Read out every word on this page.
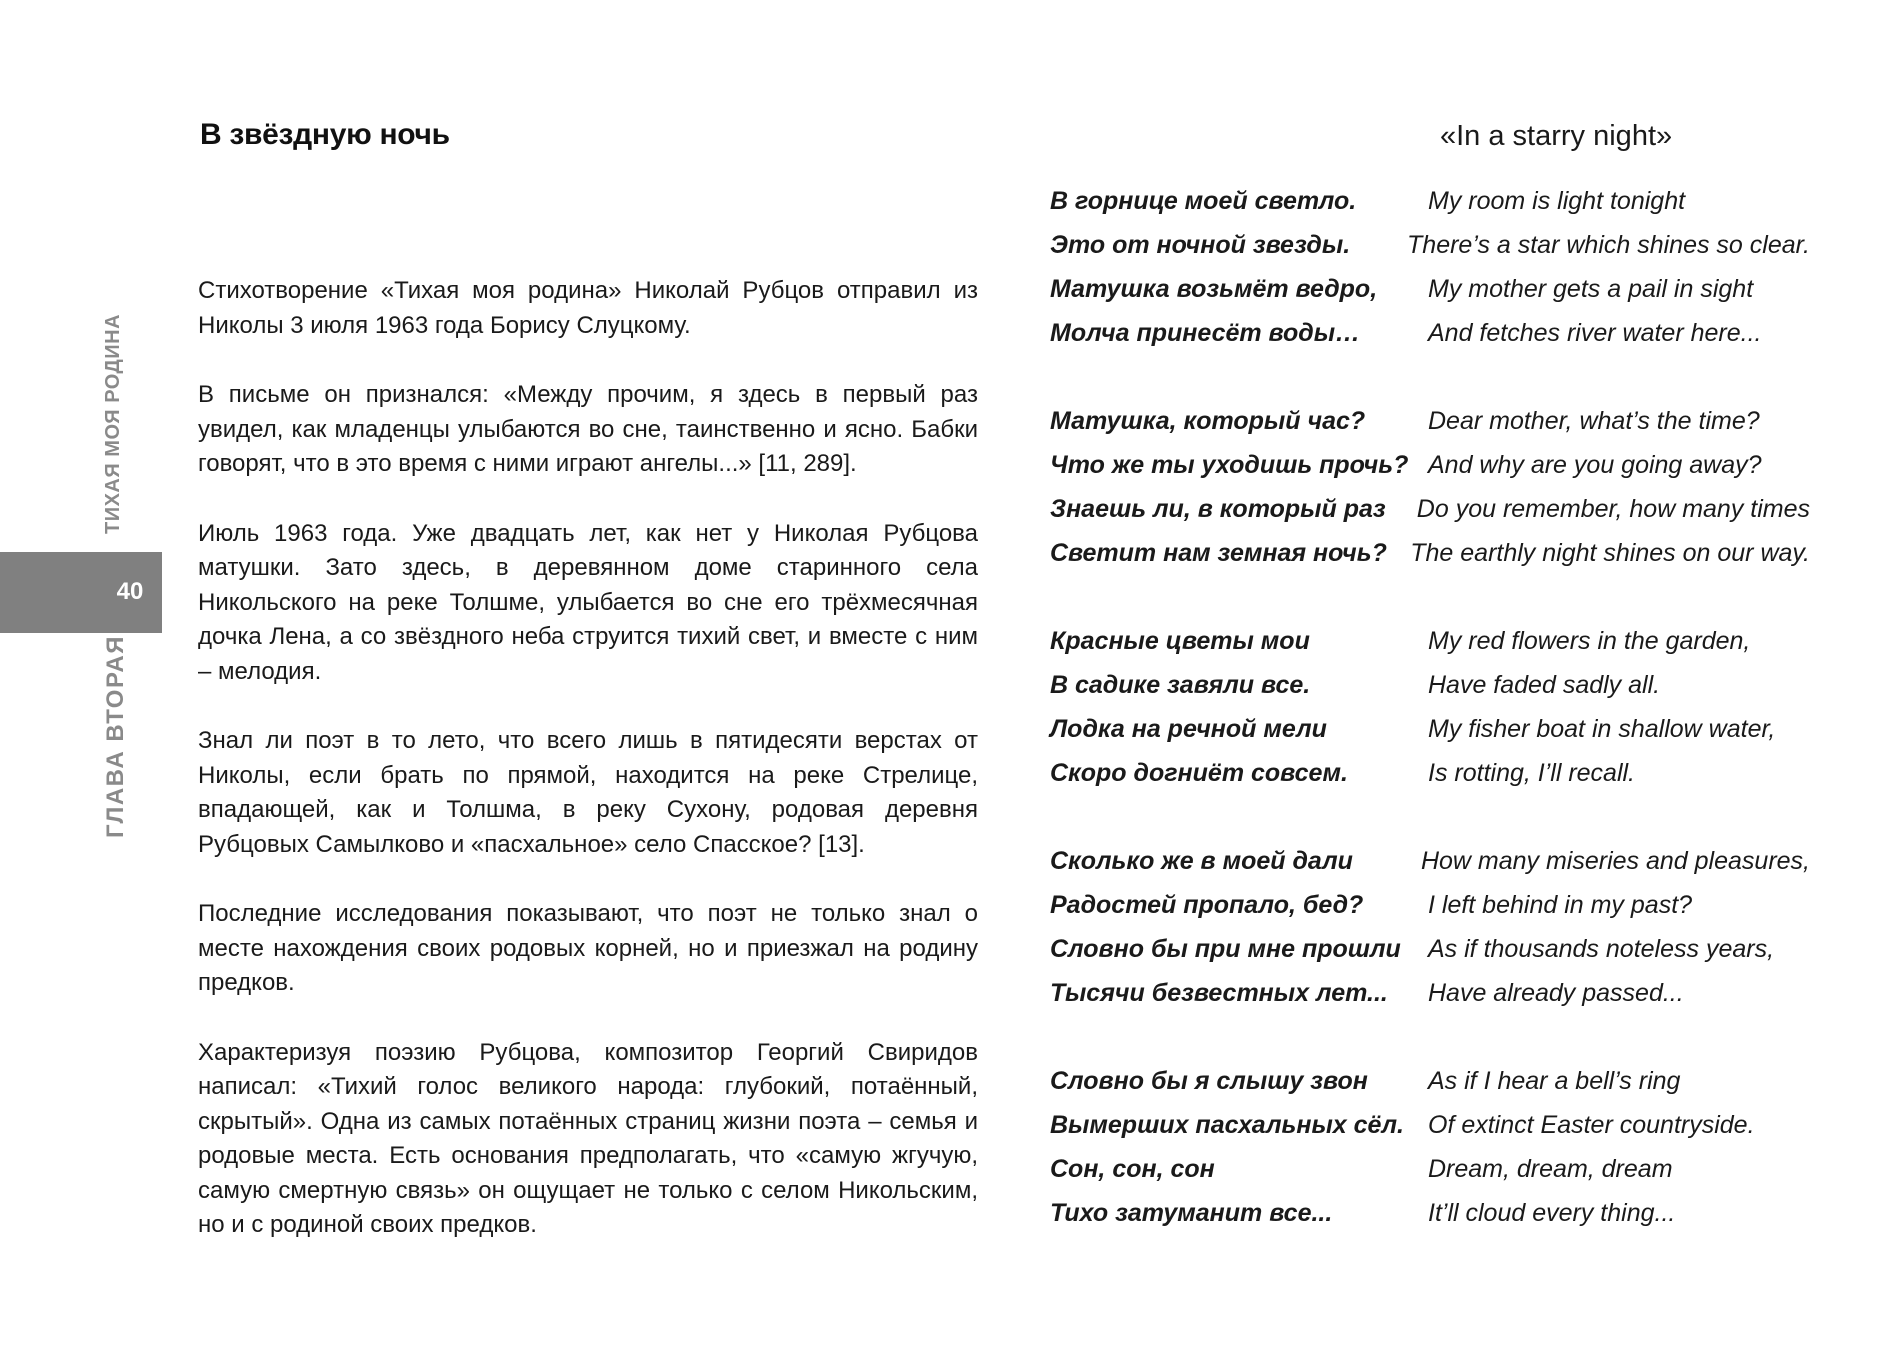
40
ТИХАЯ МОЯ РОДИНА
ГЛАВА ВТОРАЯ
В звёздную ночь

Стихотворение «Тихая моя родина» Николай Рубцов отправил из Николы 3 июля 1963 года Борису Слуцкому.

В письме он признался: «Между прочим, я здесь в первый раз увидел, как младенцы улыбаются во сне, таинственно и ясно. Бабки говорят, что в это время с ними играют ангелы...» [11, 289].

Июль 1963 года. Уже двадцать лет, как нет у Николая Рубцова матушки. Зато здесь, в деревянном доме старинного села Никольского на реке Толшме, улыбается во сне его трёхмесячная дочка Лена, а со звёздного неба струится тихий свет, и вместе с ним – мелодия.

Знал ли поэт в то лето, что всего лишь в пятидесяти верстах от Николы, если брать по прямой, находится на реке Стрелице, впадающей, как и Толшма, в реку Сухону, родовая деревня Рубцовых Самылково и «пасхальное» село Спасское? [13].

Последние исследования показывают, что поэт не только знал о месте нахождения своих родовых корней, но и приезжал на родину предков.

Характеризуя поэзию Рубцова, композитор Георгий Свиридов написал: «Тихий голос великого народа: глубокий, потаённый, скрытый». Одна из самых потаённых страниц жизни поэта – семья и родовые места. Есть основания предполагать, что «самую жгучую, самую смертную связь» он ощущает не только с селом Никольским, но и с родиной своих предков.

«In a starry night»
В горнице моей светло.	My room is light tonight
Это от ночной звезды.	There’s a star which shines so clear.
Матушка возьмёт ведро,	My mother gets a pail in sight
Молча принесёт воды…	And fetches river water here...
Матушка, который час?	Dear mother, what’s the time?
Что же ты уходишь прочь? And why are you going away?
Знаешь ли, в который раз	Do you remember, how many times
Светит нам земная ночь? The earthly night shines on our way.
Красные цветы мои	My red flowers in the garden,
В садике завяли все.	Have faded sadly all.
Лодка на речной мели	My fisher boat in shallow water,
Скоро догниёт совсем.	Is rotting, I’ll recall.
Сколько же в моей дали	How many miseries and pleasures,
Радостей пропало, бед?	I left behind in my past?
Словно бы при мне прошли	As if thousands noteless years,
Тысячи безвестных лет...	Have already passed...
Словно бы я слышу звон	As if I hear a bell’s ring
Вымерших пасхальных сёл. Of extinct Easter countryside.
Сон, сон, сон	Dream, dream, dream
Тихо затуманит все...	It’ll cloud every thing...
